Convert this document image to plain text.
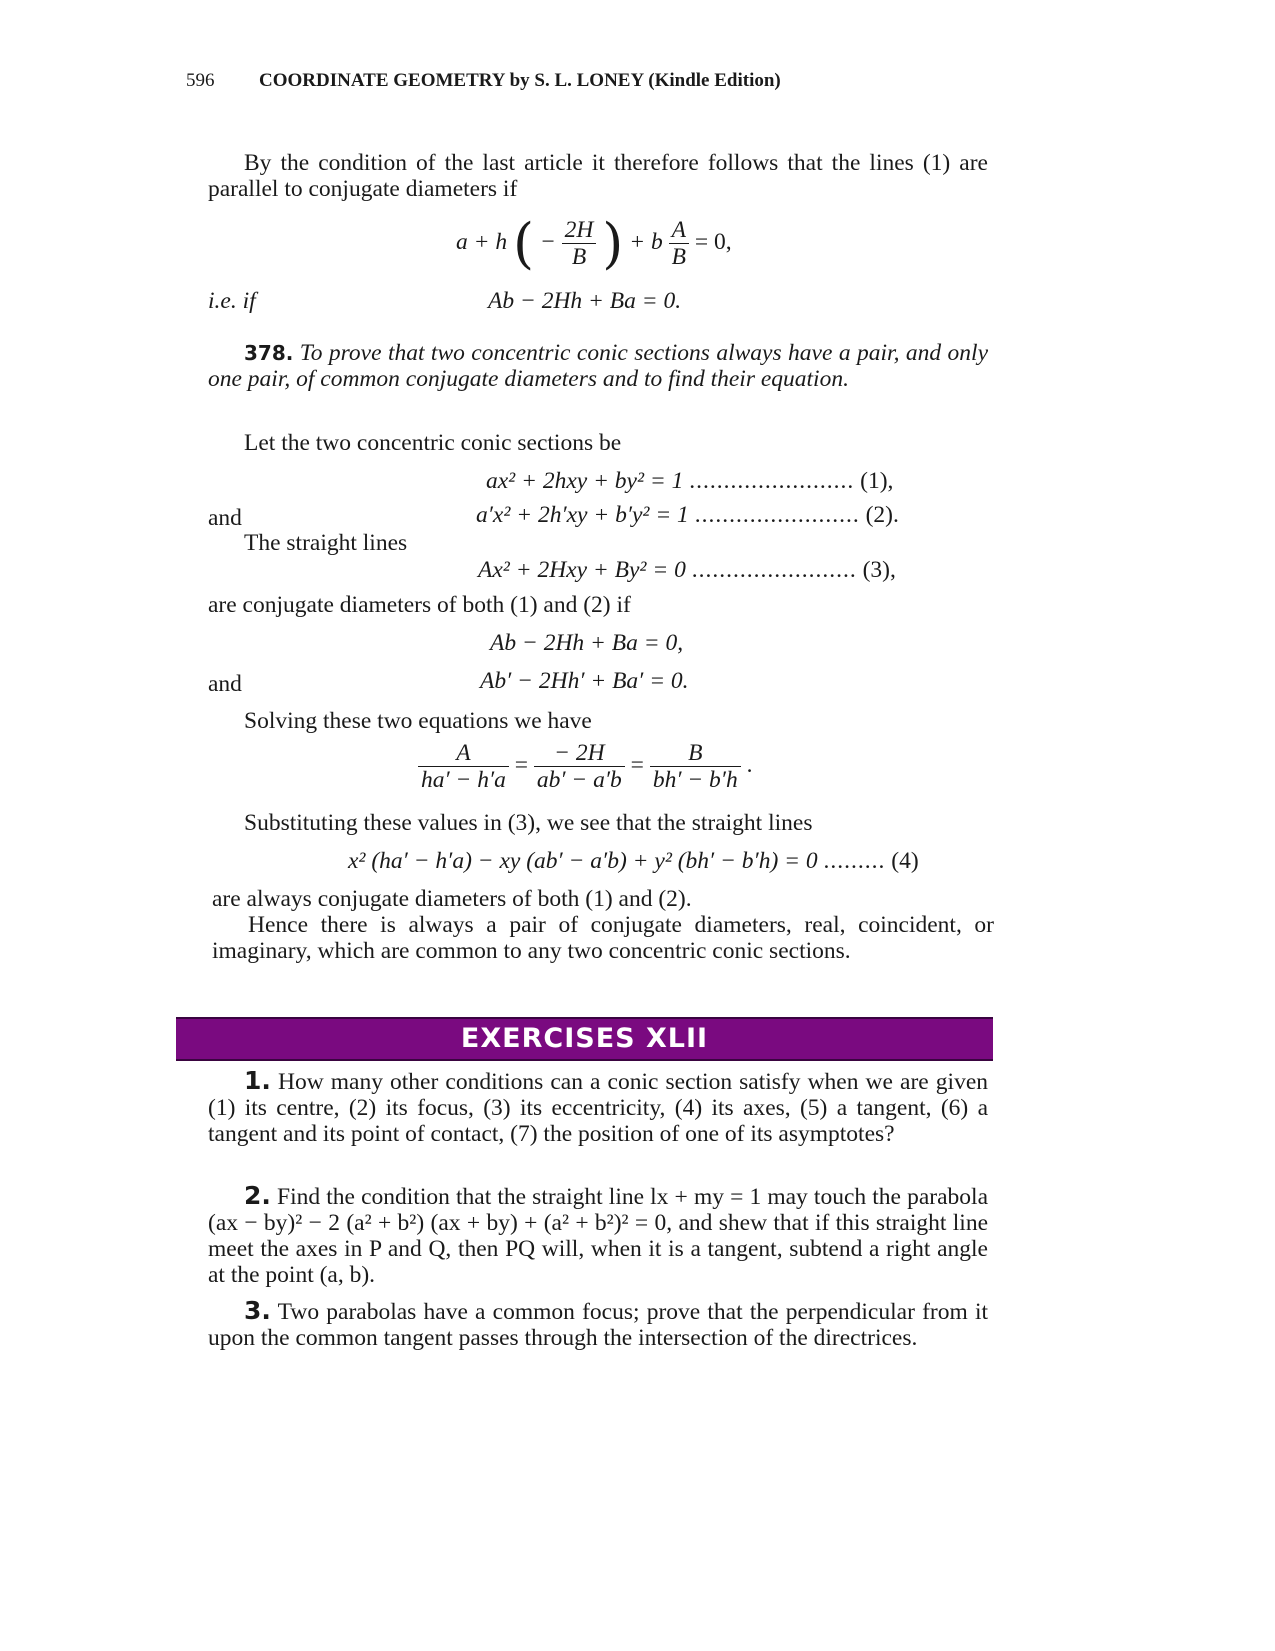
596 COORDINATE GEOMETRY by S. L. LONEY (Kindle Edition)

By the condition of the last article it therefore follows that the lines (1) are parallel to conjugate diameters if

a + h ( − $\frac{2H}{B}$ ) + b $\frac{A}{B} = 0$,
i.e. if	Ab − 2Hh + Ba = 0.

378. To prove that two concentric conic sections always have a pair, and only one pair, of common conjugate diameters and to find their equation.

Let the two concentric conic sections be

ax² + 2hxy + by² = 1 ........................ (1),
and	a′x² + 2h′xy + b′y² = 1 ........................ (2).
The straight lines
Ax² + 2Hxy + By² = 0 ........................ (3),

are conjugate diameters of both (1) and (2) if

Ab − 2Hh + Ba = 0,
and	Ab′ − 2Hh′ + Ba′ = 0.

Solving these two equations we have

$\frac{A}{ha' - h'a} = \frac{- 2H}{ab' - a'b} = \frac{B}{bh' - b'h}$ .

Substituting these values in (3), we see that the straight lines

x² (ha′ − h′a) − xy (ab′ − a′b) + y² (bh′ − b′h) = 0 ......... (4)

are always conjugate diameters of both (1) and (2).

Hence there is always a pair of conjugate diameters, real, coincident, or imaginary, which are common to any two concentric conic sections.

EXERCISES XLII

1. How many other conditions can a conic section satisfy when we are given (1) its centre, (2) its focus, (3) its eccentricity, (4) its axes, (5) a tangent, (6) a tangent and its point of contact, (7) the position of one of its asymptotes?

2. Find the condition that the straight line lx + my = 1 may touch the parabola (ax − by)² − 2 (a² + b²) (ax + by) + (a² + b²)² = 0, and shew that if this straight line meet the axes in P and Q, then PQ will, when it is a tangent, subtend a right angle at the point (a, b).

3. Two parabolas have a common focus; prove that the perpendicular from it upon the common tangent passes through the intersection of the directrices.
